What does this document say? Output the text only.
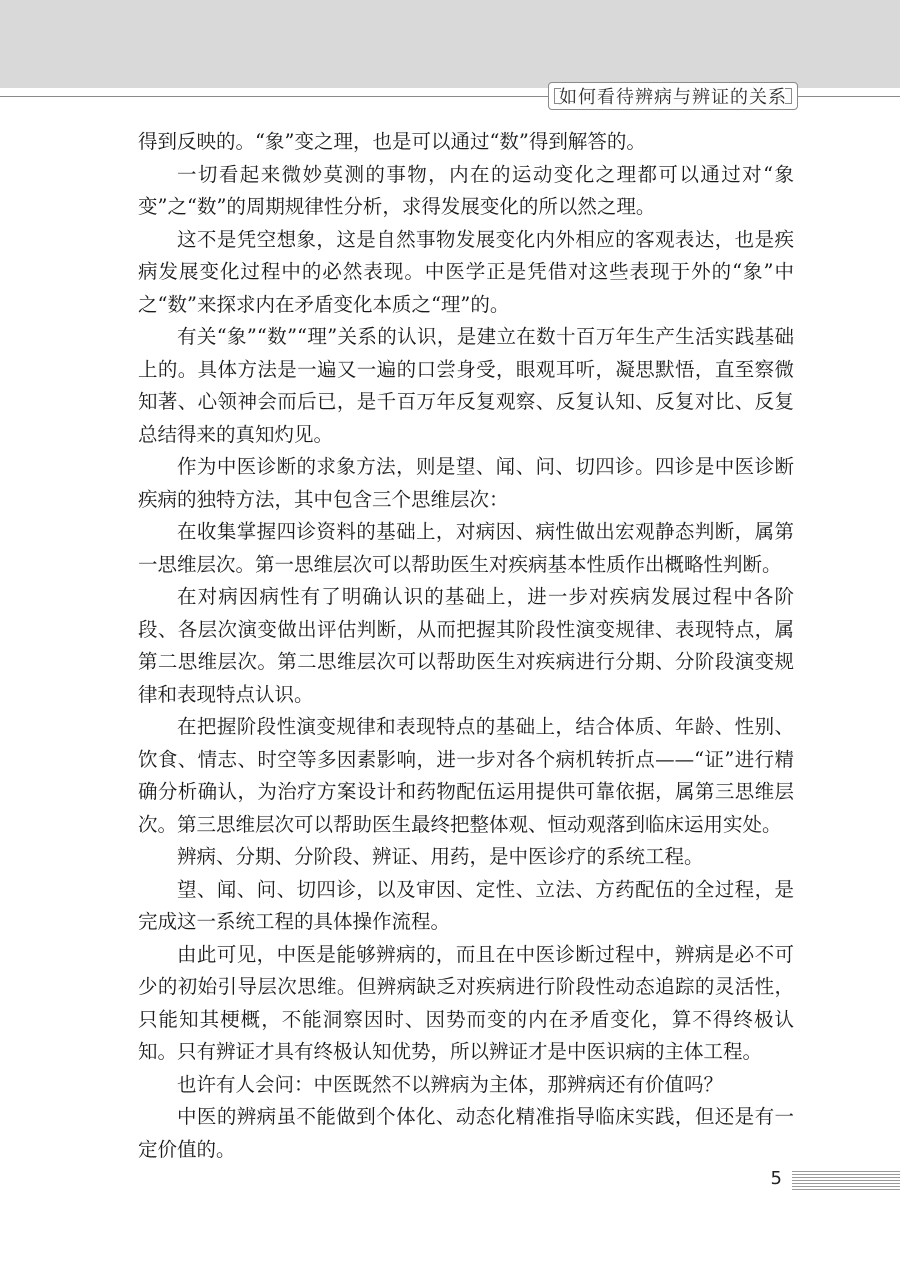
如何看待辨病与辨证的关系

得到反映的。“象”变之理，也是可以通过“数”得到解答的。

一切看起来微妙莫测的事物，内在的运动变化之理都可以通过对“象变”之“数”的周期规律性分析，求得发展变化的所以然之理。

这不是凭空想象，这是自然事物发展变化内外相应的客观表达，也是疾病发展变化过程中的必然表现。中医学正是凭借对这些表现于外的“象”中之“数”来探求内在矛盾变化本质之“理”的。

有关“象”“数”“理”关系的认识，是建立在数十百万年生产生活实践基础上的。具体方法是一遍又一遍的口尝身受，眼观耳听，凝思默悟，直至察微知著、心领神会而后已，是千百万年反复观察、反复认知、反复对比、反复总结得来的真知灼见。

作为中医诊断的求象方法，则是望、闻、问、切四诊。四诊是中医诊断疾病的独特方法，其中包含三个思维层次：

在收集掌握四诊资料的基础上，对病因、病性做出宏观静态判断，属第一思维层次。第一思维层次可以帮助医生对疾病基本性质作出概略性判断。

在对病因病性有了明确认识的基础上，进一步对疾病发展过程中各阶段、各层次演变做出评估判断，从而把握其阶段性演变规律、表现特点，属第二思维层次。第二思维层次可以帮助医生对疾病进行分期、分阶段演变规律和表现特点认识。

在把握阶段性演变规律和表现特点的基础上，结合体质、年龄、性别、饮食、情志、时空等多因素影响，进一步对各个病机转折点——“证”进行精确分析确认，为治疗方案设计和药物配伍运用提供可靠依据，属第三思维层次。第三思维层次可以帮助医生最终把整体观、恒动观落到临床运用实处。

辨病、分期、分阶段、辨证、用药，是中医诊疗的系统工程。

望、闻、问、切四诊，以及审因、定性、立法、方药配伍的全过程，是完成这一系统工程的具体操作流程。

由此可见，中医是能够辨病的，而且在中医诊断过程中，辨病是必不可少的初始引导层次思维。但辨病缺乏对疾病进行阶段性动态追踪的灵活性，只能知其梗概，不能洞察因时、因势而变的内在矛盾变化，算不得终极认知。只有辨证才具有终极认知优势，所以辨证才是中医识病的主体工程。

也许有人会问：中医既然不以辨病为主体，那辨病还有价值吗？

中医的辨病虽不能做到个体化、动态化精准指导临床实践，但还是有一定价值的。

5
